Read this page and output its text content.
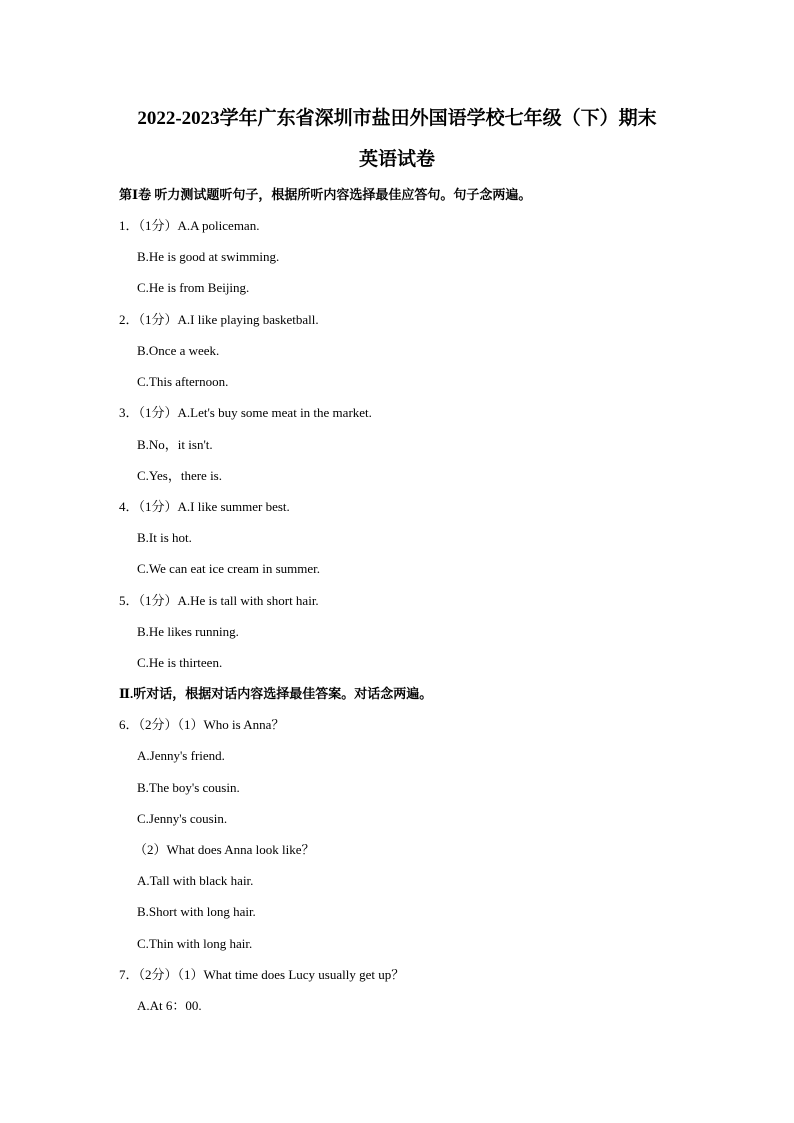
2022-2023学年广东省深圳市盐田外国语学校七年级（下）期末
英语试卷
第Ⅰ卷 听力测试题听句子，根据所听内容选择最佳应答句。句子念两遍。
1．（1分）A.A policeman.
B.He is good at swimming.
C.He is from Beijing.
2．（1分）A.I like playing basketball.
B.Once a week.
C.This afternoon.
3．（1分）A.Let's buy some meat in the market.
B.No，it isn't.
C.Yes，there is.
4．（1分）A.I like summer best.
B.It is hot.
C.We can eat ice cream in summer.
5．（1分）A.He is tall with short hair.
B.He likes running.
C.He is thirteen.
Ⅱ.听对话，根据对话内容选择最佳答案。对话念两遍。
6．（2分）（1）Who is Anna？
A.Jenny's friend.
B.The boy's cousin.
C.Jenny's cousin.
（2）What does Anna look like？
A.Tall with black hair.
B.Short with long hair.
C.Thin with long hair.
7．（2分）（1）What time does Lucy usually get up？
A.At 6：00.
